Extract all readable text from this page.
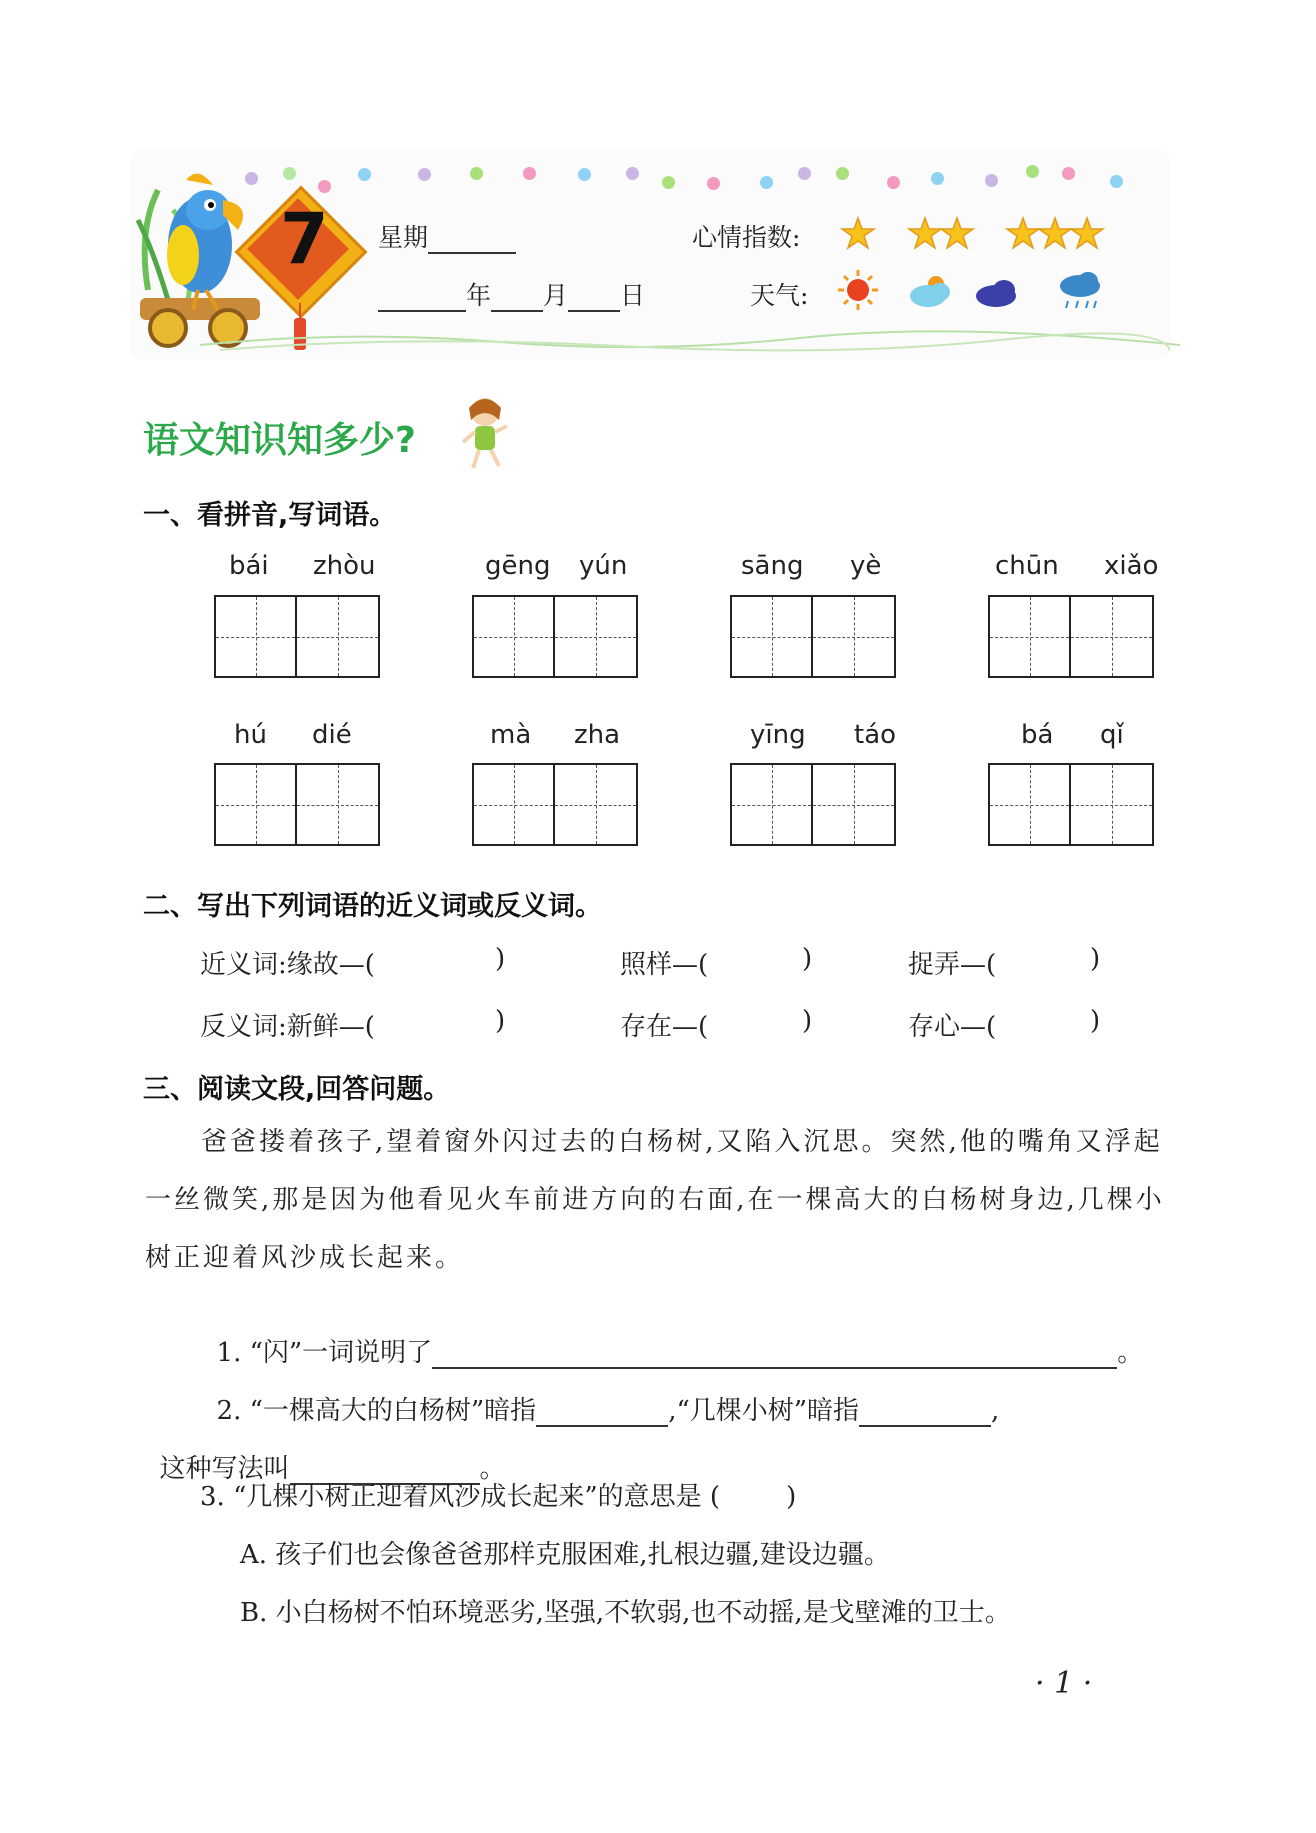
7 星期
年 月 日
心情指数:
天气:
语文知识知多少?
一、看拼音,写词语。
bái zhòu	gēng yún	sāng yè	chūn xiǎo
hú dié	mà zha	yīng táo	bá qǐ
二、写出下列词语的近义词或反义词。
近义词:缘故—(	)	照样—(	)	捉弄—(	)
反义词:新鲜—(	)	存在—(	)	存心—(	)
三、阅读文段,回答问题。
爸爸搂着孩子,望着窗外闪过去的白杨树,又陷入沉思。突然,他的嘴角又浮起一丝微笑,那是因为他看见火车前进方向的右面,在一棵高大的白杨树身边,几棵小树正迎着风沙成长起来。

1. “闪”一词说明了	。

2. “一棵高大的白杨树”暗指	,“几棵小树”暗指	,

这种写法叫	。

3. “几棵小树正迎着风沙成长起来”的意思是 (        )
A. 孩子们也会像爸爸那样克服困难,扎根边疆,建设边疆。
B. 小白杨树不怕环境恶劣,坚强,不软弱,也不动摇,是戈壁滩的卫士。
· 1 ·
